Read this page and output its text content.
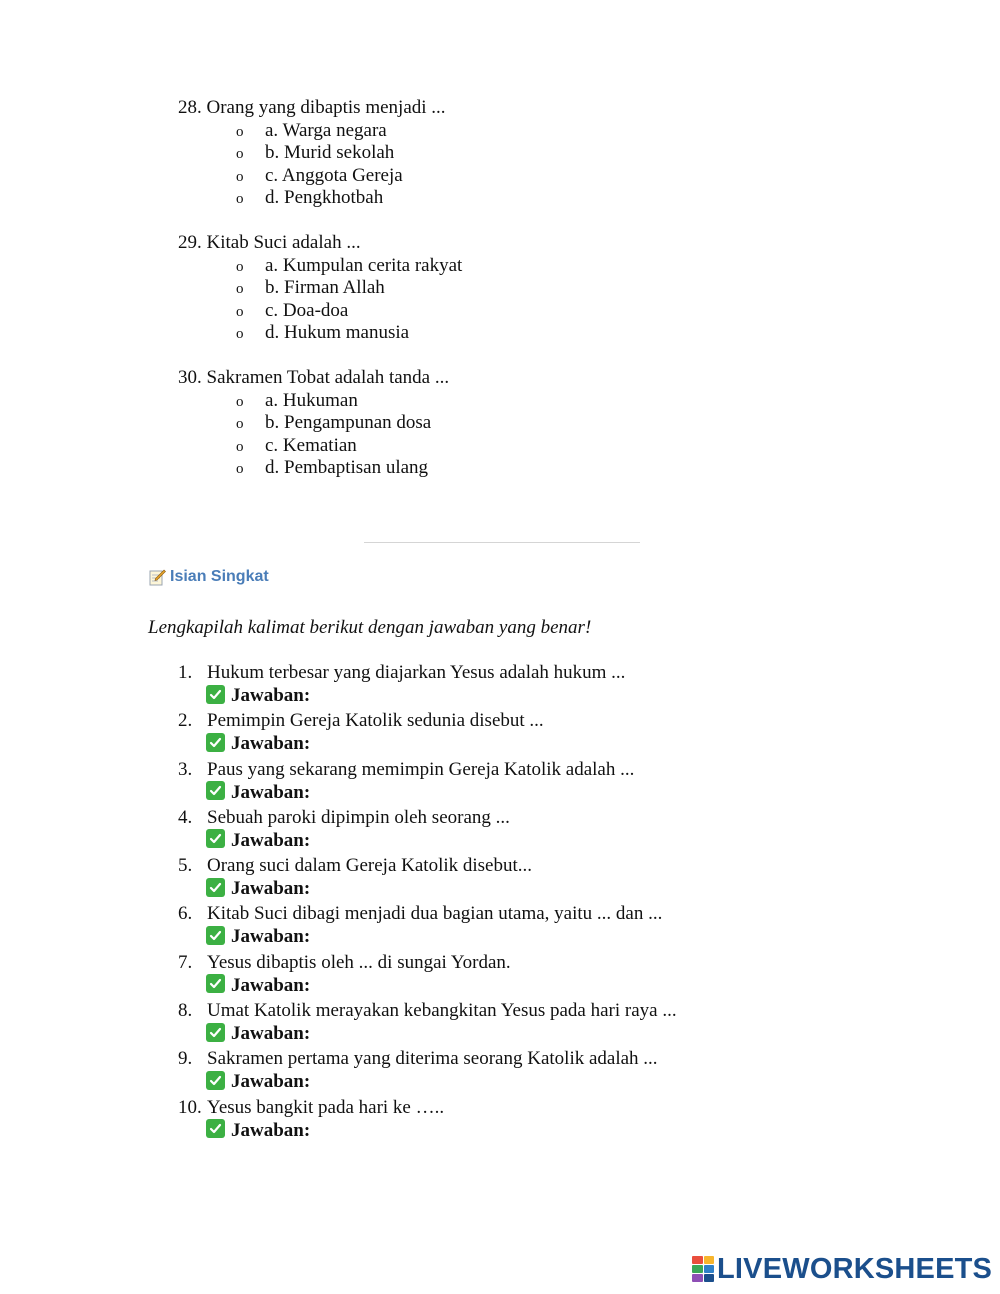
28. Orang yang dibaptis menjadi ...
o a. Warga negara
o b. Murid sekolah
o c. Anggota Gereja
o d. Pengkhotbah
29. Kitab Suci adalah ...
o a. Kumpulan cerita rakyat
o b. Firman Allah
o c. Doa-doa
o d. Hukum manusia
30. Sakramen Tobat adalah tanda ...
o a. Hukuman
o b. Pengampunan dosa
o c. Kematian
o d. Pembaptisan ulang
Isian Singkat
Lengkapilah kalimat berikut dengan jawaban yang benar!
1. Hukum terbesar yang diajarkan Yesus adalah hukum ...
Jawaban:
2. Pemimpin Gereja Katolik sedunia disebut ...
Jawaban:
3. Paus yang sekarang memimpin Gereja Katolik adalah ...
Jawaban:
4. Sebuah paroki dipimpin oleh seorang ...
Jawaban:
5. Orang suci dalam Gereja Katolik disebut...
Jawaban:
6. Kitab Suci dibagi menjadi dua bagian utama, yaitu ... dan ...
Jawaban:
7. Yesus dibaptis oleh ... di sungai Yordan.
Jawaban:
8. Umat Katolik merayakan kebangkitan Yesus pada hari raya ...
Jawaban:
9. Sakramen pertama yang diterima seorang Katolik adalah ...
Jawaban:
10. Yesus bangkit pada hari ke …..
Jawaban:
LIVEWORKSHEETS
